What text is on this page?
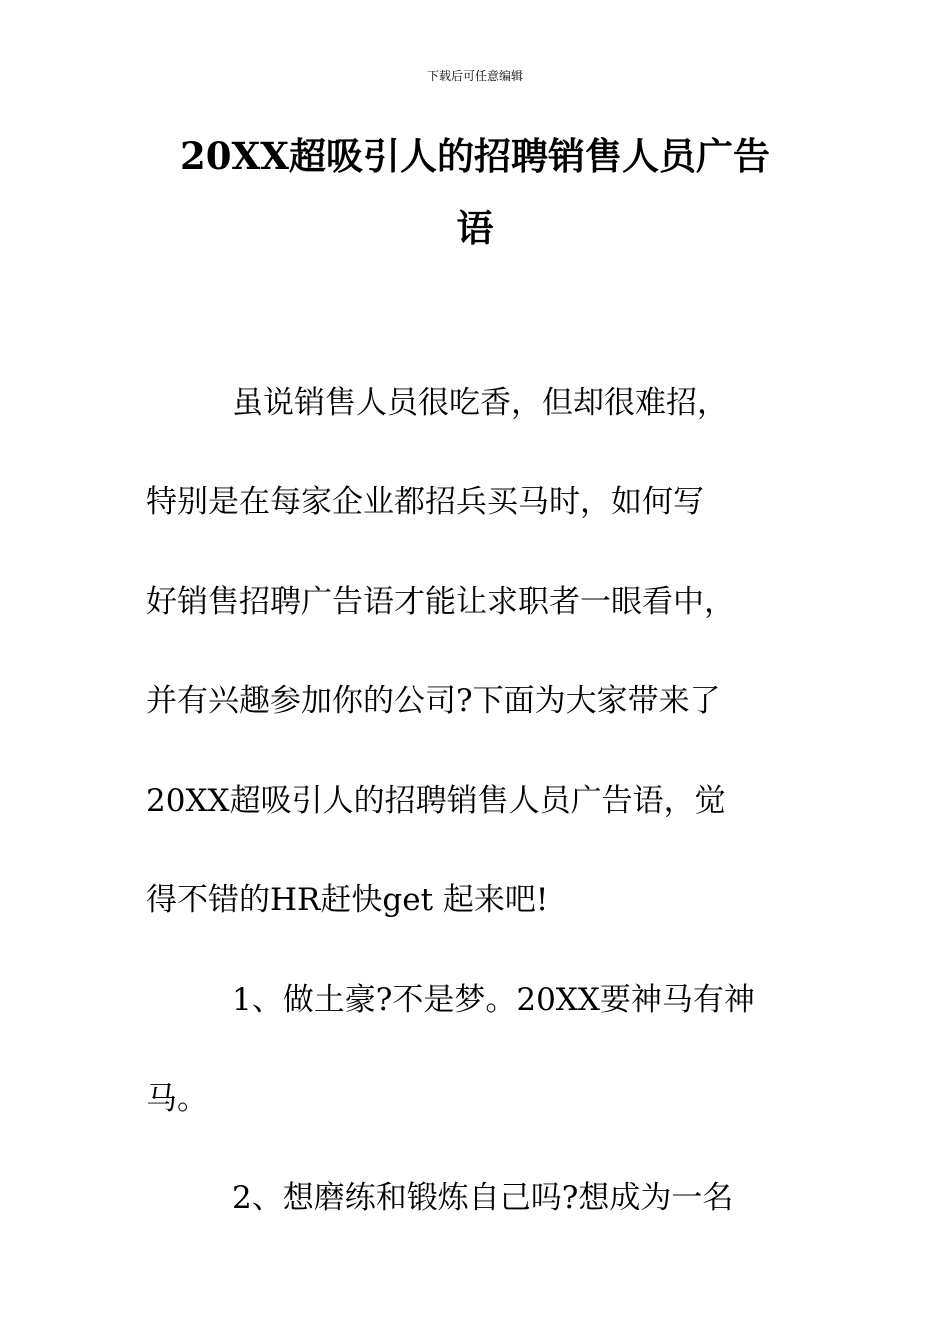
下载后可任意编辑
20XX超吸引人的招聘销售人员广告
语
虽说销售人员很吃香，但却很难招，
特别是在每家企业都招兵买马时，如何写
好销售招聘广告语才能让求职者一眼看中，
并有兴趣参加你的公司?下面为大家带来了
20XX超吸引人的招聘销售人员广告语，觉
得不错的HR赶快get 起来吧!
1、做土豪?不是梦。20XX要神马有神
马。
2、想磨练和锻炼自己吗?想成为一名
